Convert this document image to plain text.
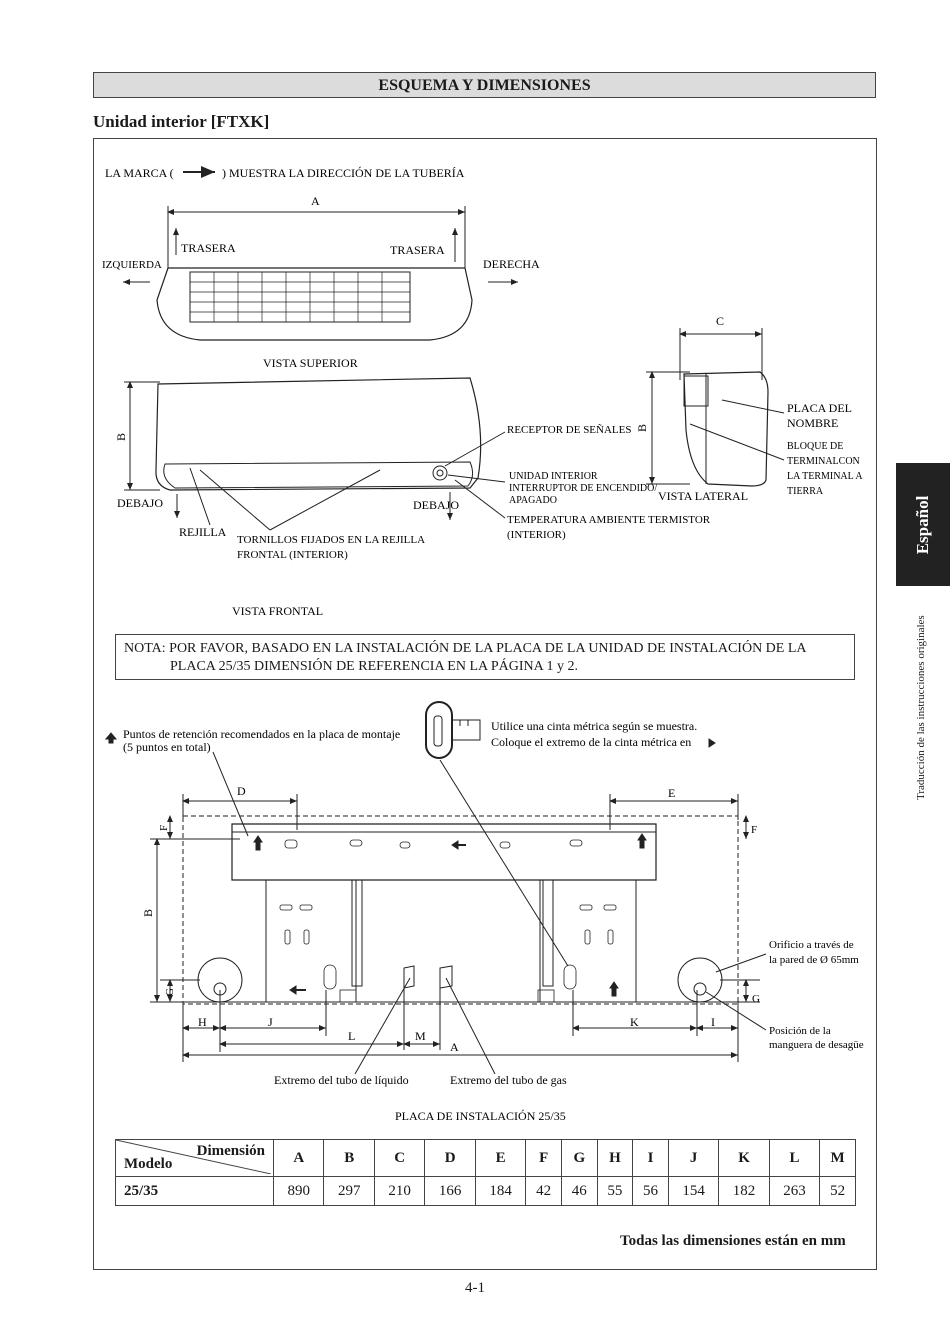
ESQUEMA Y DIMENSIONES
Unidad interior [FTXK]
Español
Traducción de las instrucciones originales
LA MARCA (	) MUESTRA LA DIRECCIÓN DE LA TUBERÍA
A
TRASERA	TRASERA
IZQUIERDA	DERECHA
VISTA SUPERIOR
B
RECEPTOR DE SEÑALES
UNIDAD INTERIOR
INTERRUPTOR DE ENCENDIDO/
APAGADO
TEMPERATURA AMBIENTE TERMISTOR
(INTERIOR)
DEBAJO	DEBAJO
REJILLA
TORNILLOS FIJADOS EN LA REJILLA
FRONTAL (INTERIOR)
VISTA FRONTAL
C
B
PLACA DEL
NOMBRE
BLOQUE DE
TERMINALCON
LA TERMINAL A
TIERRA
VISTA LATERAL
NOTA: POR FAVOR, BASADO EN LA INSTALACIÓN DE LA PLACA DE LA UNIDAD DE INSTALACIÓN DE LA
PLACA 25/35 DIMENSIÓN DE REFERENCIA EN LA PÁGINA 1 y 2.
Puntos de retención recomendados en la placa de montaje
(5 puntos en total)
Utilice una cinta métrica según se muestra.
Coloque el extremo de la cinta métrica en
Orificio a través de
la pared de Ø 65mm
Posición de la
manguera de desagüe
Extremo del tubo de líquido	Extremo del tubo de gas
PLACA DE INSTALACIÓN 25/35
D	E
F	F
B
G
G
H	J	K	I
L	M
A
Dimensión
Modelo	A	B	C	D	E	F	G	H	I	J	K	L	M
25/35	890	297	210	166	184	42	46	55	56	154	182	263	52
Todas las dimensiones están en mm
4-1
